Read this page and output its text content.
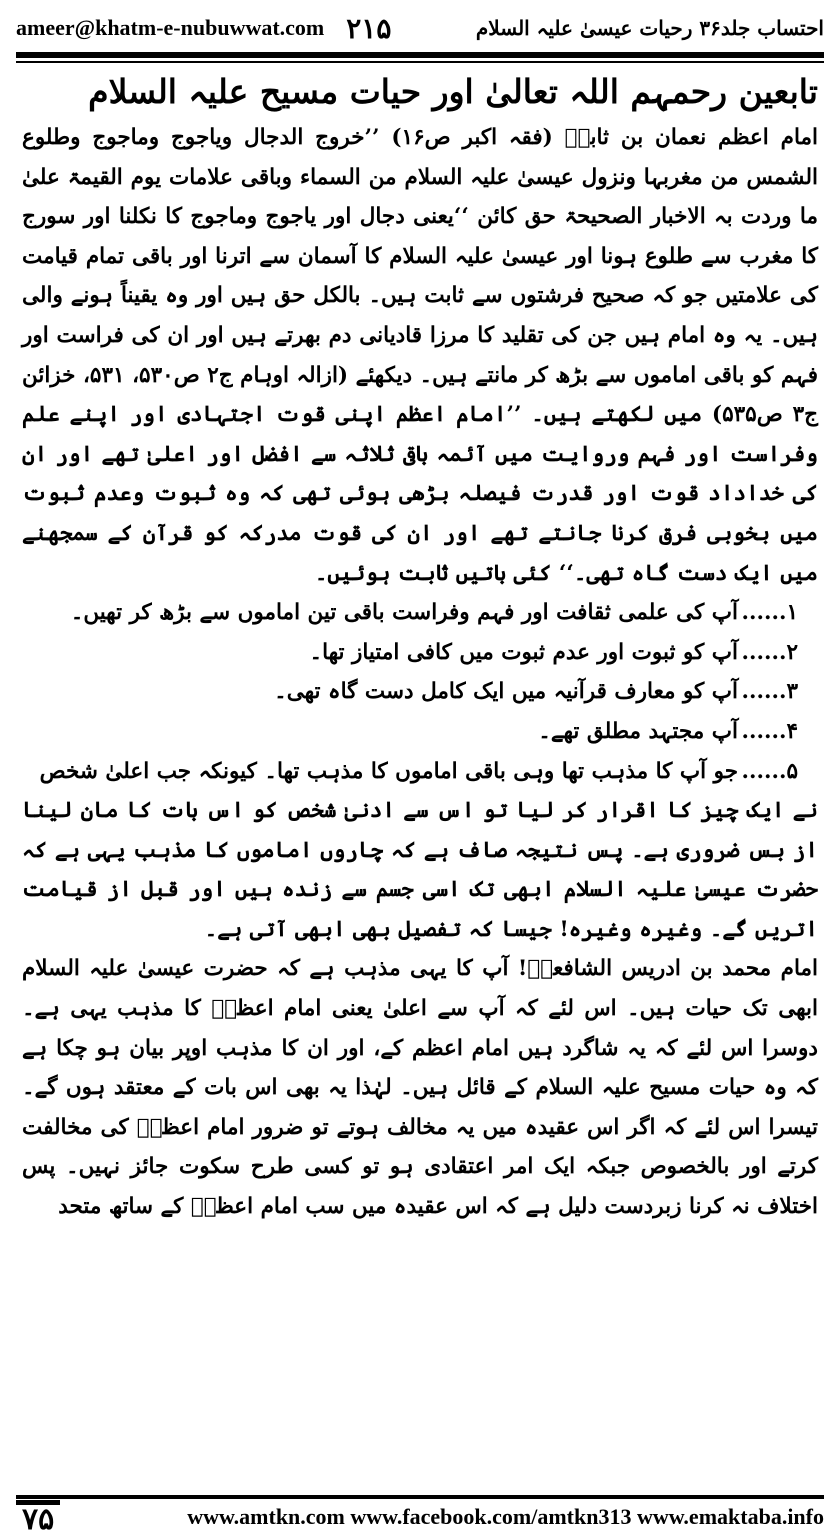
ameer@khatm-e-nubuwwat.com ۲۱۵	احتساب جلد۳۶ رحیات عیسیٰ علیہ السلام
تابعین رحمہم اللہ تعالیٰ اور حیات مسیح علیہ السلام

امام اعظم نعمان بن ثابتؒ (فقہ اکبر ص۱۶) ’’خروج الدجال ویاجوج وماجوج وطلوع الشمس من مغربہا ونزول عیسیٰ علیہ السلام من السماء وباقی علامات یوم القیمۃ علیٰ ما وردت بہ الاخبار الصحیحۃ حق کائن ‘‘یعنی دجال اور یاجوج وماجوج کا نکلنا اور سورج کا مغرب سے طلوع ہونا اور عیسیٰ علیہ السلام کا آسمان سے اترنا اور باقی تمام قیامت کی علامتیں جو کہ صحیح فرشتوں سے ثابت ہیں۔ بالکل حق ہیں اور وہ یقیناً ہونے والی ہیں۔ یہ وہ امام ہیں جن کی تقلید کا مرزا قادیانی دم بھرتے ہیں اور ان کی فراست اور فہم کو باقی اماموں سے بڑھ کر مانتے ہیں۔ دیکھئے (ازالہ اوہام ج۲ ص۵۳۰، ۵۳۱، خزائن ج۳ ص۵۳۵) میں لکھتے ہیں۔ ’’امام اعظم اپنی قوت اجتہادی اور اپنے علم وفراست اور فہم وروایت میں آئمہ باقی ثلاثہ سے افضل اور اعلیٰ تھے اور ان کی خداداد قوت اور قدرت فیصلہ بڑھی ہوئی تھی کہ وہ ثبوت وعدم ثبوت میں بخوبی فرق کرنا جانتے تھے اور ان کی قوت مدرکہ کو قرآن کے سمجھنے میں ایک دست گاہ تھی۔‘‘ کئی باتیں ثابت ہوئیں۔

۱......
آپ کی علمی ثقافت اور فہم وفراست باقی تین اماموں سے بڑھ کر تھیں۔
۲......
آپ کو ثبوت اور عدم ثبوت میں کافی امتیاز تھا۔
۳......
آپ کو معارف قرآنیہ میں ایک کامل دست گاہ تھی۔
۴......
آپ مجتہد مطلق تھے۔
۵......
جو آپ کا مذہب تھا وہی باقی اماموں کا مذہب تھا۔ کیونکہ جب اعلیٰ شخص

نے ایک چیز کا اقرار کر لیا تو اس سے ادنیٰ شخص کو اس بات کا مان لینا از بس ضروری ہے۔ پس نتیجہ صاف ہے کہ چاروں اماموں کا مذہب یہی ہے کہ حضرت عیسیٰ علیہ السلام ابھی تک اسی جسم سے زندہ ہیں اور قبل از قیامت اتریں گے۔ وغیرہ وغیرہ! جیسا کہ تفصیل بھی ابھی آتی ہے۔

امام محمد بن ادریس الشافعیؒ! آپ کا یہی مذہب ہے کہ حضرت عیسیٰ علیہ السلام ابھی تک حیات ہیں۔ اس لئے کہ آپ سے اعلیٰ یعنی امام اعظمؒ کا مذہب یہی ہے۔ دوسرا اس لئے کہ یہ شاگرد ہیں امام اعظم کے، اور ان کا مذہب اوپر بیان ہو چکا ہے کہ وہ حیات مسیح علیہ السلام کے قائل ہیں۔ لہٰذا یہ بھی اس بات کے معتقد ہوں گے۔ تیسرا اس لئے کہ اگر اس عقیدہ میں یہ مخالف ہوتے تو ضرور امام اعظمؒ کی مخالفت کرتے اور بالخصوص جبکہ ایک امر اعتقادی ہو تو کسی طرح سکوت جائز نہیں۔ پس اختلاف نہ کرنا زبردست دلیل ہے کہ اس عقیدہ میں سب امام اعظمؒ کے ساتھ متحد

۷۵	www.amtkn.com www.facebook.com/amtkn313 www.emaktaba.info
